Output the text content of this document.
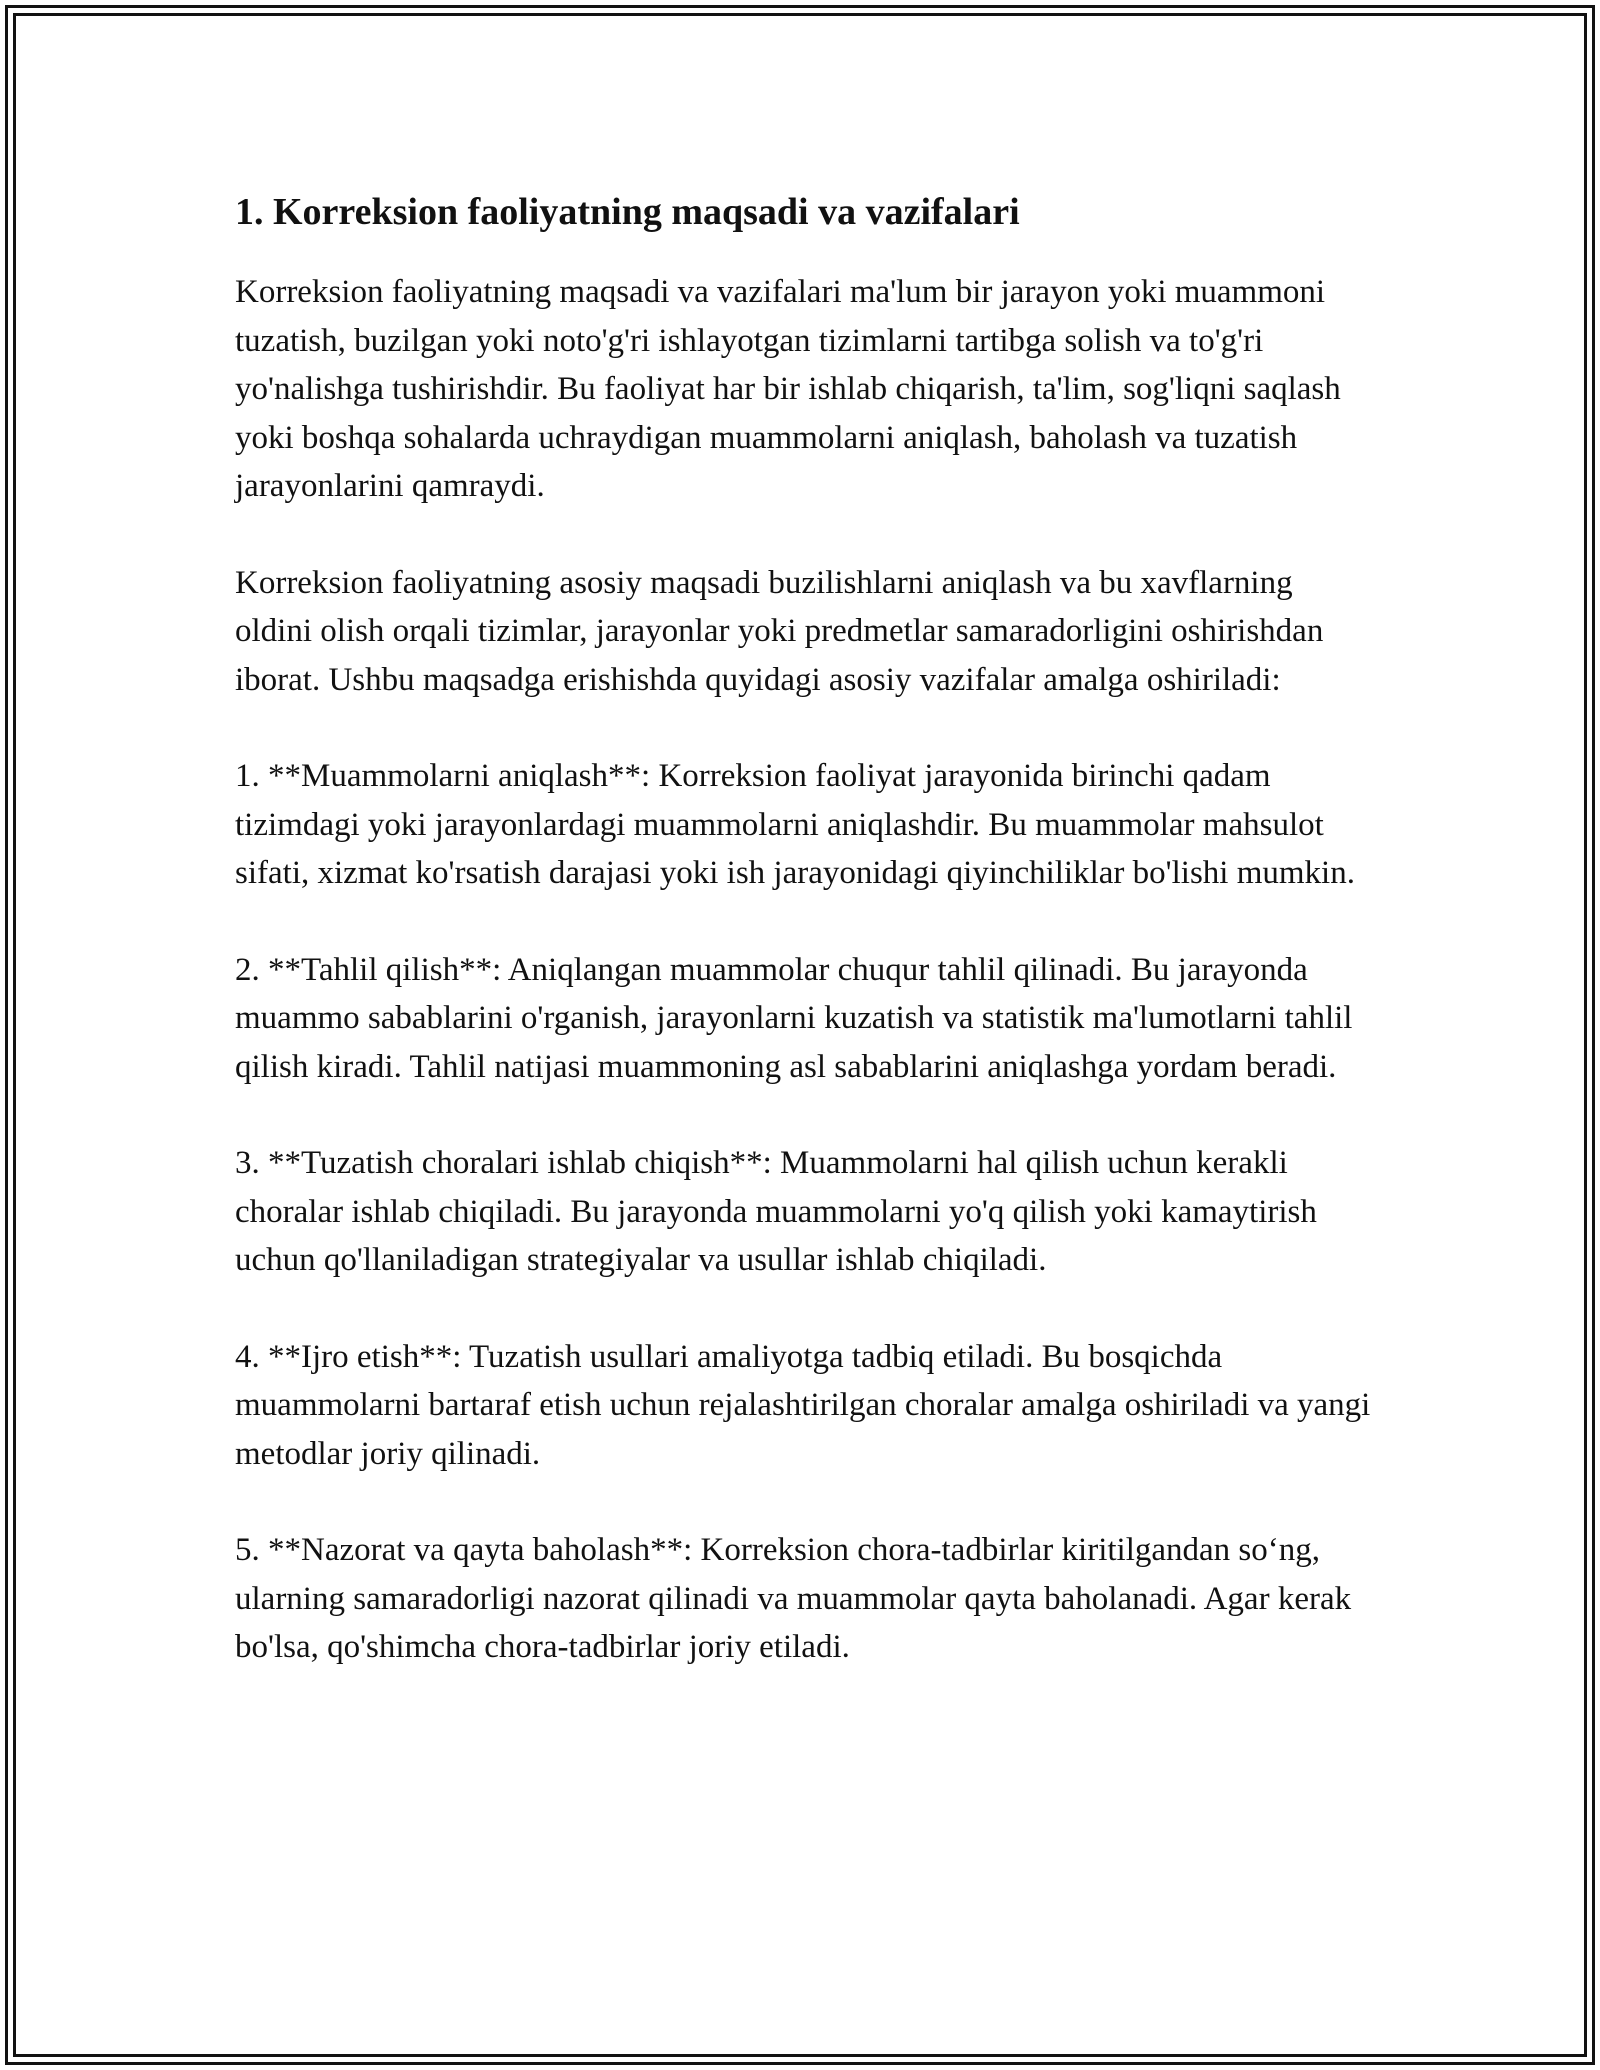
1. Korreksion faoliyatning maqsadi va vazifalari

Korreksion faoliyatning maqsadi va vazifalari ma'lum bir jarayon yoki muammoni tuzatish, buzilgan yoki noto'g'ri ishlayotgan tizimlarni tartibga solish va to'g'ri yo'nalishga tushirishdir. Bu faoliyat har bir ishlab chiqarish, ta'lim, sog'liqni saqlash yoki boshqa sohalarda uchraydigan muammolarni aniqlash, baholash va tuzatish jarayonlarini qamraydi.

Korreksion faoliyatning asosiy maqsadi buzilishlarni aniqlash va bu xavflarning oldini olish orqali tizimlar, jarayonlar yoki predmetlar samaradorligini oshirishdan iborat. Ushbu maqsadga erishishda quyidagi asosiy vazifalar amalga oshiriladi:

1. **Muammolarni aniqlash**: Korreksion faoliyat jarayonida birinchi qadam tizimdagi yoki jarayonlardagi muammolarni aniqlashdir. Bu muammolar mahsulot sifati, xizmat ko'rsatish darajasi yoki ish jarayonidagi qiyinchiliklar bo'lishi mumkin.

2. **Tahlil qilish**: Aniqlangan muammolar chuqur tahlil qilinadi. Bu jarayonda muammo sabablarini o'rganish, jarayonlarni kuzatish va statistik ma'lumotlarni tahlil qilish kiradi. Tahlil natijasi muammoning asl sabablarini aniqlashga yordam beradi.

3. **Tuzatish choralari ishlab chiqish**: Muammolarni hal qilish uchun kerakli choralar ishlab chiqiladi. Bu jarayonda muammolarni yo'q qilish yoki kamaytirish uchun qo'llaniladigan strategiyalar va usullar ishlab chiqiladi.

4. **Ijro etish**: Tuzatish usullari amaliyotga tadbiq etiladi. Bu bosqichda muammolarni bartaraf etish uchun rejalashtirilgan choralar amalga oshiriladi va yangi metodlar joriy qilinadi.

5. **Nazorat va qayta baholash**: Korreksion chora-tadbirlar kiritilgandan so‘ng, ularning samaradorligi nazorat qilinadi va muammolar qayta baholanadi. Agar kerak bo'lsa, qo'shimcha chora-tadbirlar joriy etiladi.
